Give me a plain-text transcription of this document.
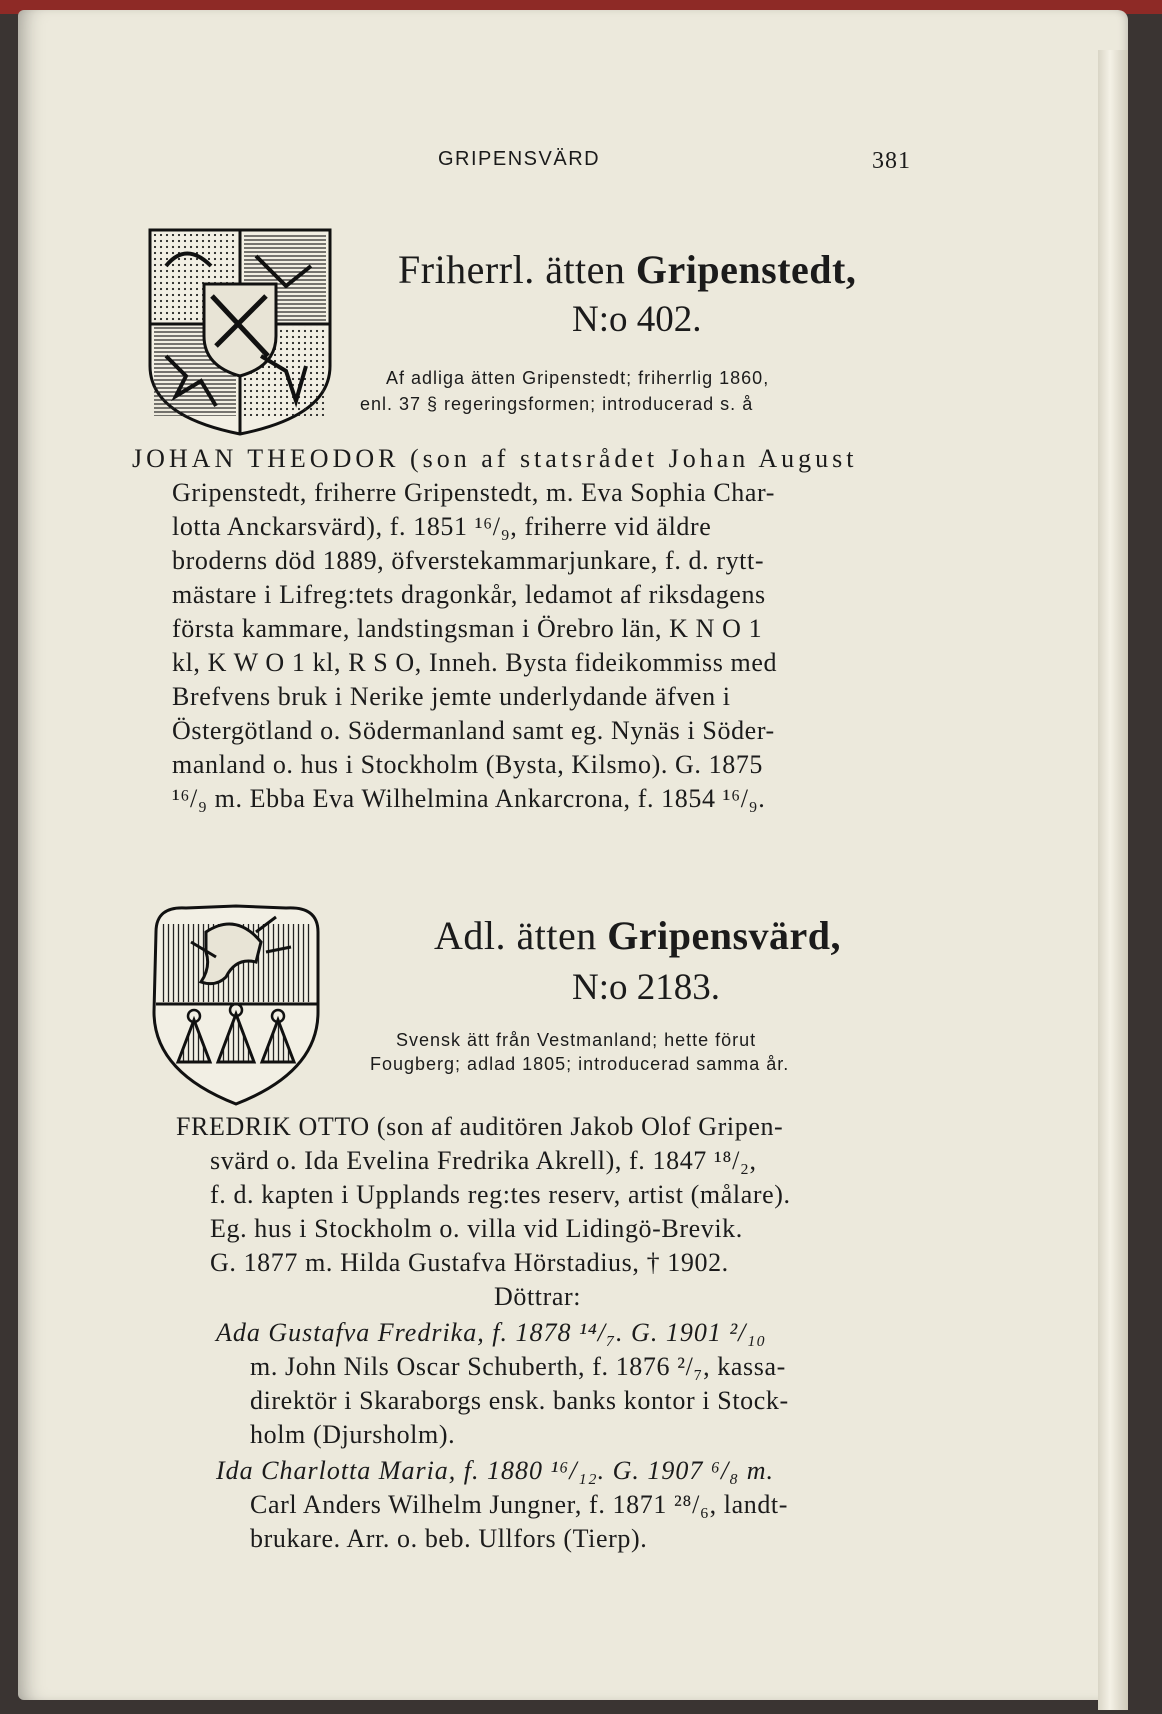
GRIPENSVÄRD	381
Friherrl. ätten Gripenstedt,
N:o 402.
Af adliga ätten Gripenstedt; friherrlig 1860,
enl. 37 § regeringsformen; introducerad s. å
JOHAN THEODOR (son af statsrådet Johan August
Gripenstedt, friherre Gripenstedt, m. Eva Sophia Char-
lotta Anckarsvärd), f. 1851 ¹⁶/₉, friherre vid äldre
broderns död 1889, öfverstekammarjunkare, f. d. rytt-
mästare i Lifreg:tets dragonkår, ledamot af riksdagens
första kammare, landstingsman i Örebro län, K N O 1
kl, K W O 1 kl, R S O, Inneh. Bysta fideikommiss med
Brefvens bruk i Nerike jemte underlydande äfven i
Östergötland o. Södermanland samt eg. Nynäs i Söder-
manland o. hus i Stockholm (Bysta, Kilsmo). G. 1875
¹⁶/₉ m. Ebba Eva Wilhelmina Ankarcrona, f. 1854 ¹⁶/₉.
Adl. ätten Gripensvärd,
N:o 2183.
Svensk ätt från Vestmanland; hette förut
Fougberg; adlad 1805; introducerad samma år.
FREDRIK OTTO (son af auditören Jakob Olof Gripen-
svärd o. Ida Evelina Fredrika Akrell), f. 1847 ¹⁸/₂,
f. d. kapten i Upplands reg:tes reserv, artist (målare).
Eg. hus i Stockholm o. villa vid Lidingö-Brevik.
G. 1877 m. Hilda Gustafva Hörstadius, † 1902.
Döttrar:
Ada Gustafva Fredrika, f. 1878 ¹⁴/₇. G. 1901 ²/₁₀
m. John Nils Oscar Schuberth, f. 1876 ²/₇, kassa-
direktör i Skaraborgs ensk. banks kontor i Stock-
holm (Djursholm).
Ida Charlotta Maria, f. 1880 ¹⁶/₁₂. G. 1907 ⁶/₈ m.
Carl Anders Wilhelm Jungner, f. 1871 ²⁸/₆, landt-
brukare. Arr. o. beb. Ullfors (Tierp).
